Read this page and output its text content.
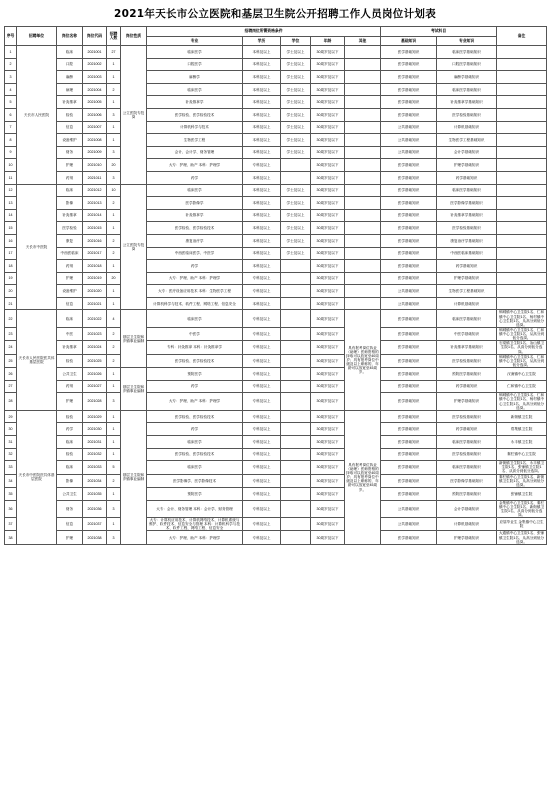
2021年天长市公立医院和基层卫生院公开招聘工作人员岗位计划表
序号	招聘单位	岗位名称	岗位代码	招聘人数	岗位性质	招聘岗位所需资格条件					考试科目		备注
						专业	学历	学位	年龄	其他	基础知识	专业知识	
1	天长市人民医院	临床	2021001	27	公立医院专技岗	临床医学	本科及以上	学士及以上	30周岁及以下		医学基础知识	临床医学基础知识	
2		口腔	2021002	1		口腔医学	本科及以上	学士及以上	30周岁及以下		医学基础知识	口腔医学基础知识	
3		麻醉	2021003	1		麻醉学	本科及以上	学士及以上	30周岁及以下		医学基础知识	麻醉学基础知识	
4		病理	2021004	2		临床医学	本科及以上	学士及以上	30周岁及以下		医学基础知识	临床医学基础知识	
5		针灸推拿	2021005	1		针灸推拿学	本科及以上	学士及以上	30周岁及以下		医学基础知识	针灸推拿学基础知识	
6		检验	2021006	3		医学检验、医学检验技术	本科及以上	学士及以上	30周岁及以下		医学基础知识	医学检验基础知识	
7		信息	2021007	1		计算机科学与技术	本科及以上	学士及以上	30周岁及以下		公共基础知识	计算机基础知识	
8		设备维护	2021008	1		生物医学工程	本科及以上	学士及以上	30周岁及以下		公共基础知识	生物医学工程基础知识	
9		财务	2021009	3		会计、会计学、财务管理	本科及以上	学士及以上	30周岁及以下		公共基础知识	会计学基础知识	
10		护理	2021010	20		大专：护理、助产 本科：护理学	专科及以上		30周岁及以下		医学基础知识	护理学基础知识	
11		药剂	2021011	3		药学	本科及以上		30周岁及以下		医学基础知识	药学基础知识	
12	天长市中医院	临床	2021012	10	公立医院专技岗	临床医学	本科及以上	学士及以上	30周岁及以下		医学基础知识	临床医学基础知识	
13		影像	2021013	2		医学影像学	本科及以上	学士及以上	30周岁及以下		医学基础知识	医学影像学基础知识	
14		针灸推拿	2021014	1		针灸推拿学	本科及以上	学士及以上	30周岁及以下		医学基础知识	针灸推拿学基础知识	
15		医学检验	2021015	1		医学检验、医学检验技术	本科及以上	学士及以上	30周岁及以下		医学基础知识	医学检验基础知识	
16		康复	2021016	2		康复治疗学	本科及以上	学士及以上	30周岁及以下		医学基础知识	康复治疗学基础知识	
17		中西医临床	2021017	2		中西医临床医学、中医学	本科及以上	学士及以上	30周岁及以下		医学基础知识	中西医临床基础知识	
18		药剂	2021018	1		药学	本科及以上		30周岁及以下		医学基础知识	药学基础知识	
19		护理	2021019	20		大专：护理、助产 本科：护理学	专科及以上		30周岁及以下		医学基础知识	护理学基础知识	
20		设备维护	2021020	1		大专：医疗设备应用技术 本科：生物医学工程	专科及以上		30周岁及以下		公共基础知识	生物医学工程基础知识	
21		信息	2021021	1		计算机科学与技术、软件工程、网络工程、信息安全	本科及以上		30周岁及以下		公共基础知识	计算机基础知识	
22	天长市人民医院医共体基层医院	临床	2021022	4	基层卫生院和乡镇事业编制	临床医学	专科及以上		30周岁及以下	具有报考岗位执业（助理）医师资格的择取可以放宽至40周岁；具有报考岗位中级及以上职称的，年龄可以放宽至45周岁。	医学基础知识	临床医学基础知识	铜城镇中心卫生院1名、仁和镇中心卫生院1名、杨村镇中心卫生院1名，从高分到低分选岗。
23		中医	2021023	2		中医学	专科及以上		30周岁及以下		医学基础知识	中医学基础知识	铜城镇中心卫生院1名、仁和镇中心卫生院1名，从高分到低分选岗。
24		针灸推拿	2021024	2		专科：针灸推拿 本科：针灸推拿学	专科及以上		30周岁及以下		医学基础知识	针灸推拿学基础知识	石梁镇卫生院1名、冶山镇卫生院1名，从高分到低分选岗。
25		检验	2021025	2		医学检验、医学检验技术	专科及以上		30周岁及以下		医学基础知识	医学检验基础知识	铜城镇中心卫生院1名、仁和镇中心卫生院1名，从高分到低分选岗。
26		公共卫生	2021026	1	基层卫生院和乡镇事业编制	预防医学	专科及以上		30周岁及以下		医学基础知识	预防医学基础知识	汊涧镇中心卫生院
27		药剂	2021027	1		药学	专科及以上		30周岁及以下		医学基础知识	药学基础知识	仁和镇中心卫生院
28		护理	2021028	3		大专：护理、助产 本科：护理学	专科及以上		30周岁及以下		医学基础知识	护理学基础知识	铜城镇中心卫生院1名、仁和镇中心卫生院1名、杨村镇中心卫生院1名，从高分到低分选岗。
29	天长市中医院医共体基层医院	检验	2021029	1	基层卫生院和乡镇事业编制	医学检验、医学检验技术	专科及以上		30周岁及以下	具有报考岗位执业（助理）医师资格的择取可以放宽至40周岁；具有报考岗位中级及以上职称的，年龄可以放宽至45周岁。	医学基础知识	医学检验基础知识	新街镇卫生院
30		药学	2021030	1		药学	专科及以上		30周岁及以下		医学基础知识	药学基础知识	郑集镇卫生院
31		临床	2021031	1		临床医学	专科及以上		30周岁及以下		医学基础知识	临床医学基础知识	永丰镇卫生院
32		检验	2021032	1		医学检验、医学检验技术	专科及以上		30周岁及以下		医学基础知识	医学检验基础知识	秦栏镇中心卫生院
33		临床	2021033	5		临床医学	专科及以上		30周岁及以下		医学基础知识	临床医学基础知识	新街镇卫生院1名、永丰镇卫生院1名、张铺镇卫生院1名、从高分到低分选岗。
34		影像	2021034	2		医学影像学、医学影像技术	专科及以上		30周岁及以下		医学基础知识	医学影像学基础知识	秦栏镇中心卫生院1名、新街镇卫生院1名，从高分到低分选岗。
35		公共卫生	2021035	1		预防医学	专科及以上		30周岁及以下		医学基础知识	预防医学基础知识	张铺镇卫生院
36		财务	2021036	3		大专：会计、财务管理 本科：会计学、财务管理	专科及以上		30周岁及以下		公共基础知识	会计学基础知识	金集镇中心卫生院1名、秦栏镇中心卫生院1名、新街镇卫生院1名，从高分到低分选岗。
37		信息	2021037	1		大专：计算机应用技术、计算机网络技术、计算机系统与维护、软件技术、信息安全与管理 本科：计算机科学与技术、软件工程、网络工程、信息安全	专科及以上		30周岁及以下		公共基础知识	计算机基础知识	应届毕业生 金集镇中心卫生院
38		护理	2021038	3		大专：护理、助产 本科：护理学	专科及以上		30周岁及以下		医学基础知识	护理学基础知识	大通镇中心卫生院1名、张铺镇卫生院1名、从高分到低分选岗。
